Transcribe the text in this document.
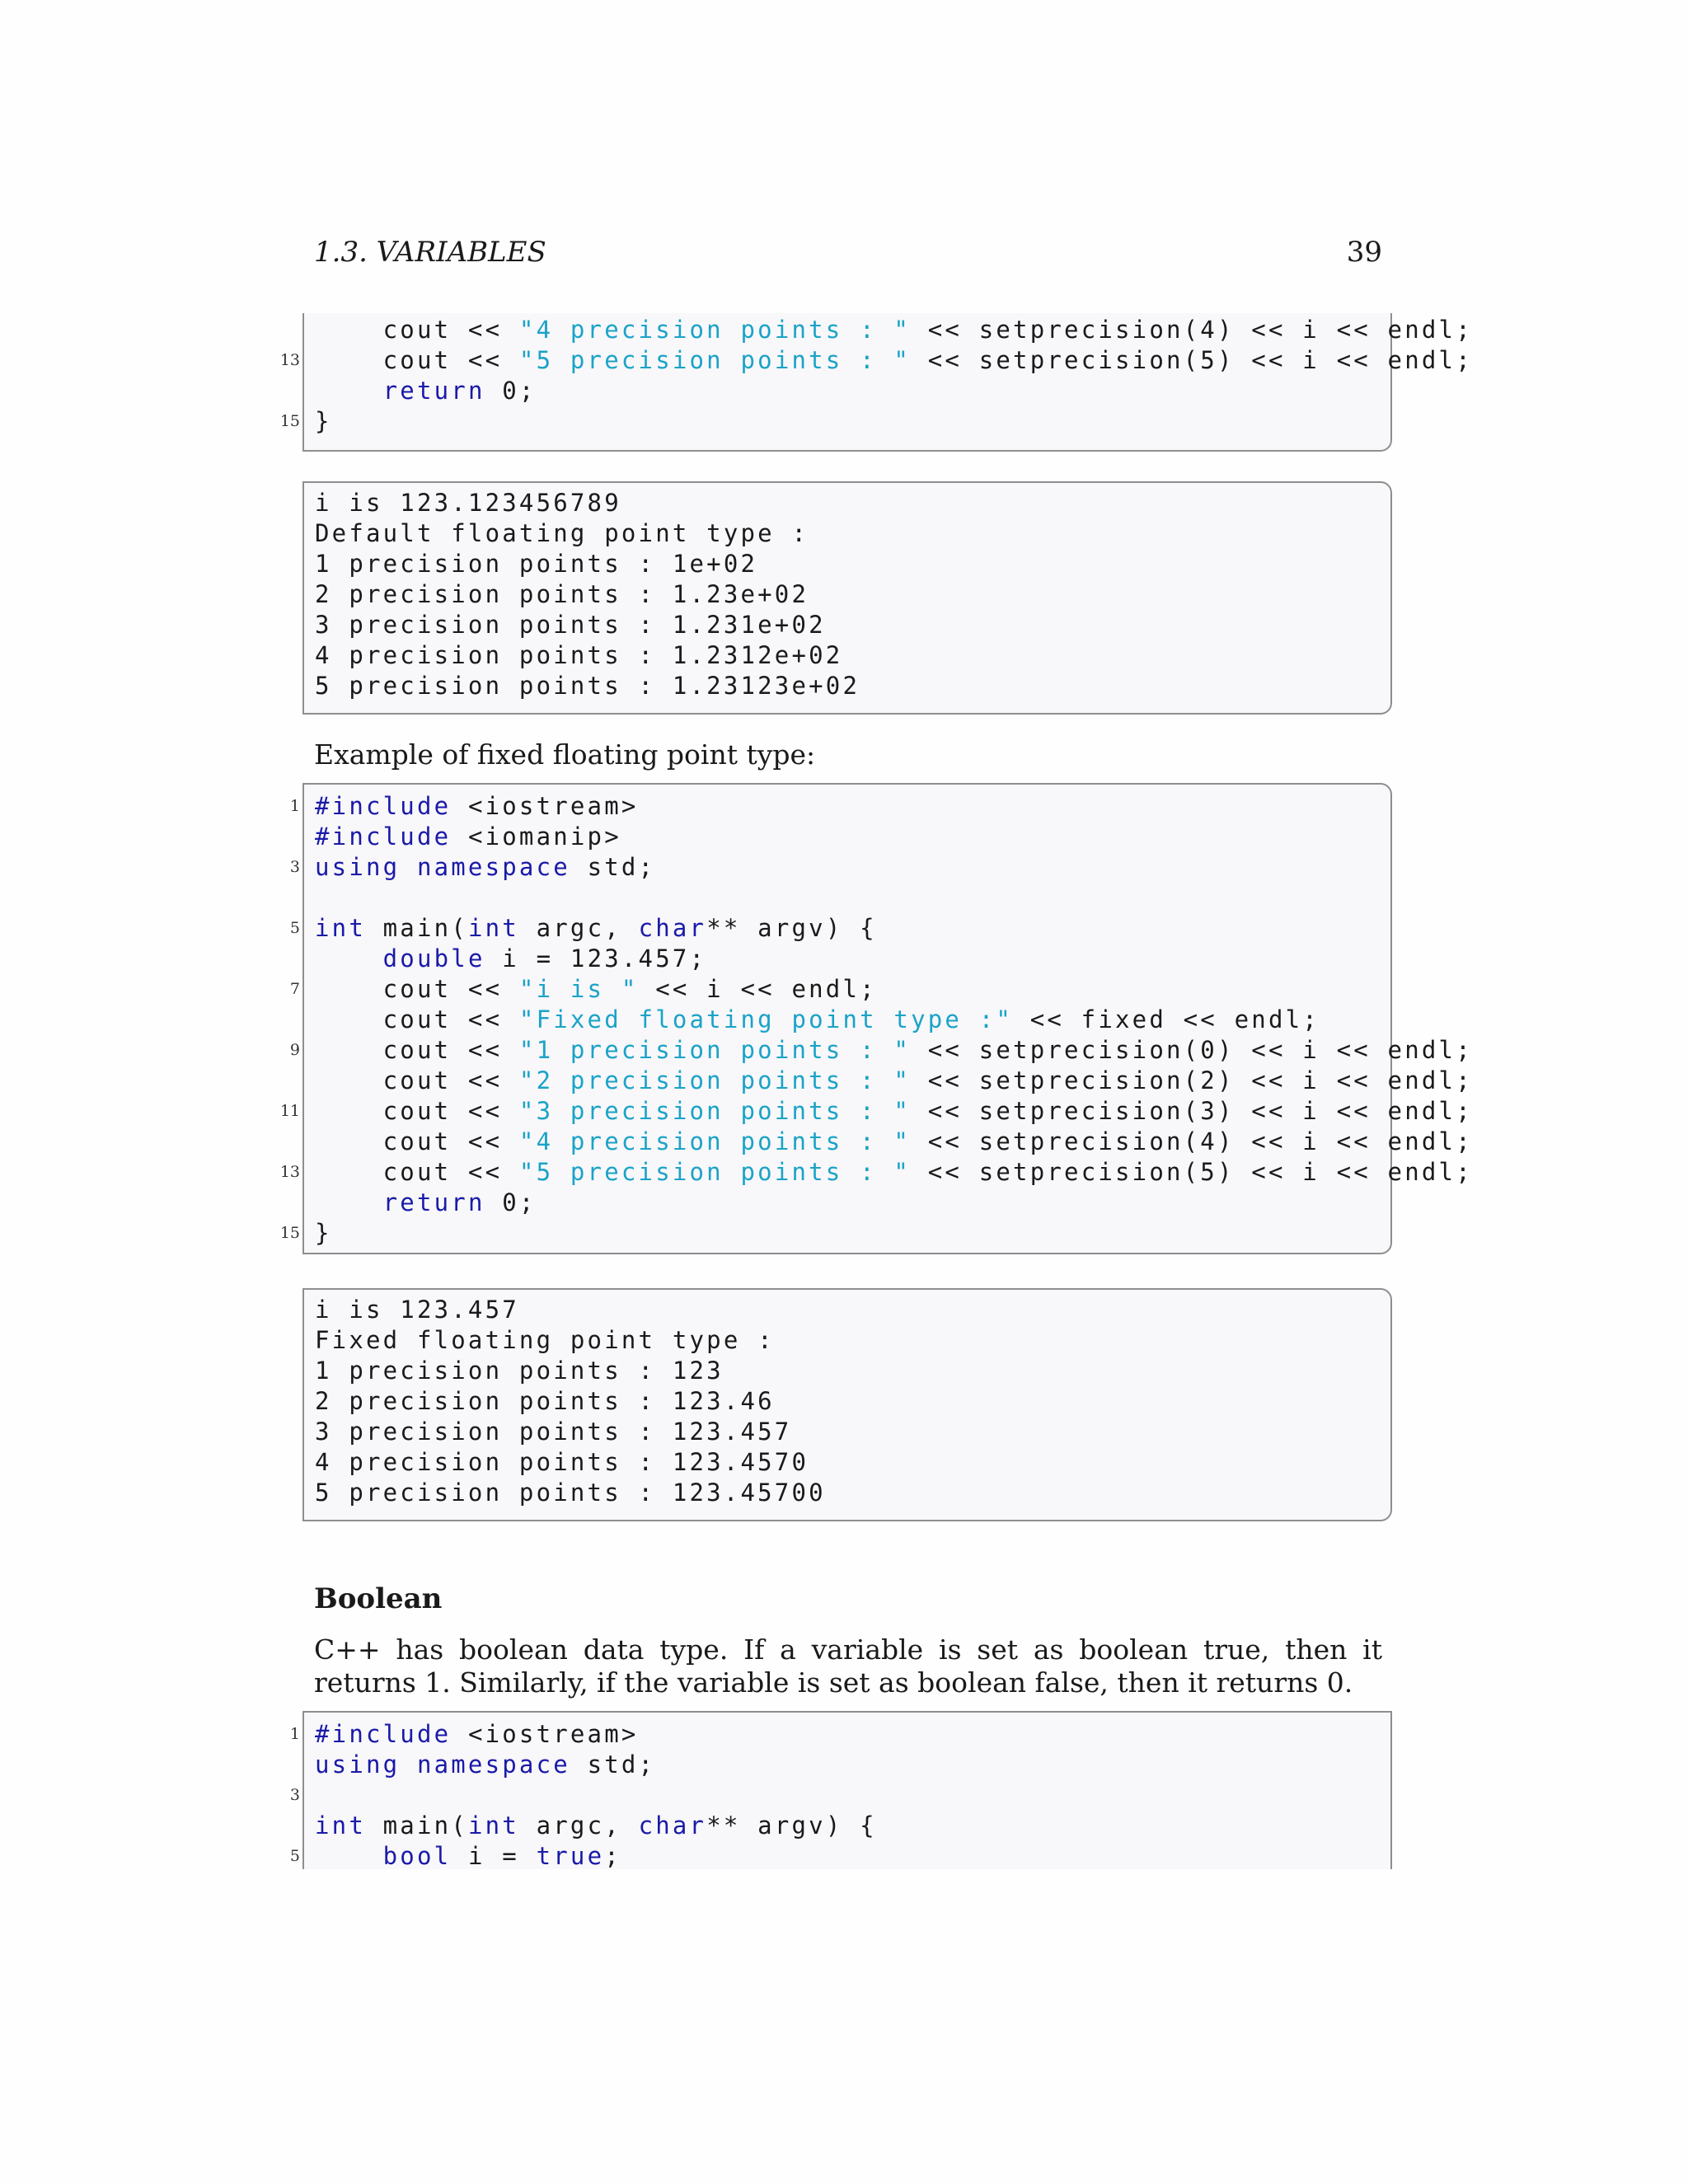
1.3. VARIABLES	39
cout << "4 precision points : " << setprecision(4) << i << endl;
13 cout << "5 precision points : " << setprecision(5) << i << endl;
return 0;
15 }
i is 123.123456789
Default floating point type :
1 precision points : 1e+02
2 precision points : 1.23e+02
3 precision points : 1.231e+02
4 precision points : 1.2312e+02
5 precision points : 1.23123e+02
Example of fixed floating point type:
1 #include <iostream>
#include <iomanip>
3 using namespace std;
5 int main(int argc, char** argv) {
double i = 123.457;
7 cout << "i is " << i << endl;
cout << "Fixed floating point type :" << fixed << endl;
9 cout << "1 precision points : " << setprecision(0) << i << endl;
cout << "2 precision points : " << setprecision(2) << i << endl;
11 cout << "3 precision points : " << setprecision(3) << i << endl;
cout << "4 precision points : " << setprecision(4) << i << endl;
13 cout << "5 precision points : " << setprecision(5) << i << endl;
return 0;
15 }
i is 123.457
Fixed floating point type :
1 precision points : 123
2 precision points : 123.46
3 precision points : 123.457
4 precision points : 123.4570
5 precision points : 123.45700
Boolean
C++ has boolean data type. If a variable is set as boolean true, then it returns 1. Similarly, if the variable is set as boolean false, then it returns 0.
1 #include <iostream>
using namespace std;
3
int main(int argc, char** argv) {
5	bool i = true;
